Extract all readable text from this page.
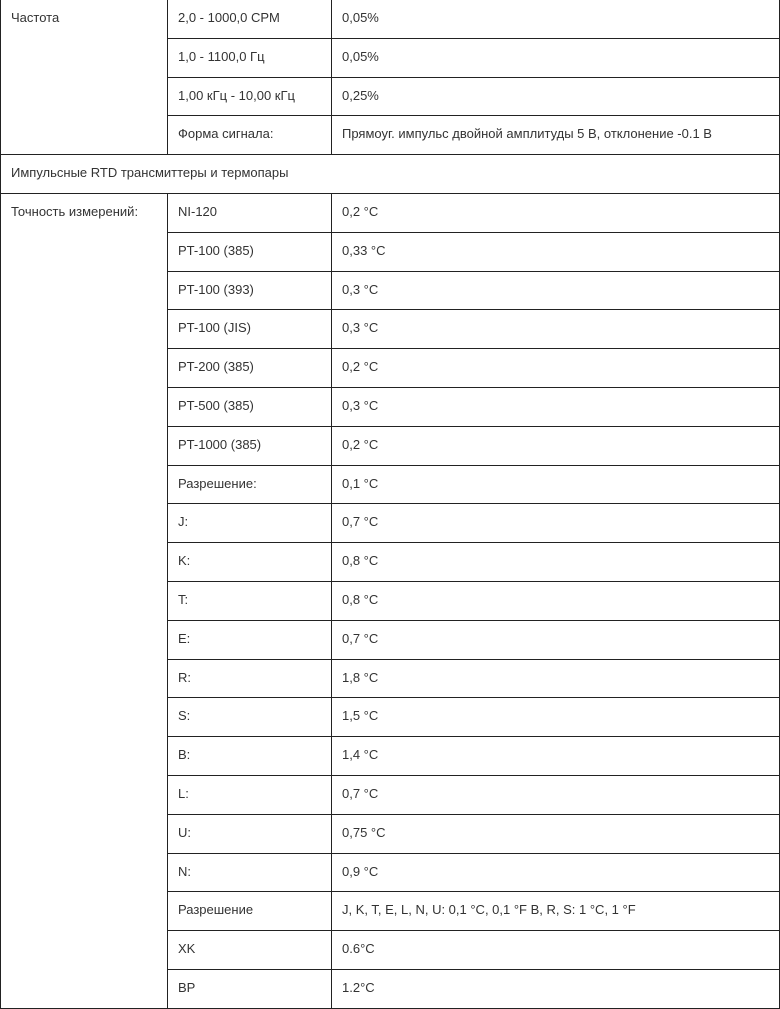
Частота	2,0 - 1000,0 CPM	0,05%
	1,0 - 1100,0 Гц	0,05%
	1,00 кГц - 10,00 кГц	0,25%
	Форма сигнала:	Прямоуг. импульс двойной амплитуды 5 В, отклонение -0.1 В
Импульсные RTD трансмиттеры и термопары		
Точность измерений:	NI-120	0,2 °C
	PT-100 (385)	0,33 °C
	PT-100 (393)	0,3 °C
	PT-100 (JIS)	0,3 °C
	PT-200 (385)	0,2 °C
	PT-500 (385)	0,3 °C
	PT-1000 (385)	0,2 °C
	Разрешение:	0,1 °C
	J:	0,7 °C
	K:	0,8 °C
	T:	0,8 °C
	E:	0,7 °C
	R:	1,8 °C
	S:	1,5 °C
	B:	1,4 °C
	L:	0,7 °C
	U:	0,75 °C
	N:	0,9 °C
	Разрешение	J, K, T, E, L, N, U: 0,1 °C, 0,1 °F B, R, S: 1 °C, 1 °F
	XK	0.6°C
	BP	1.2°C
